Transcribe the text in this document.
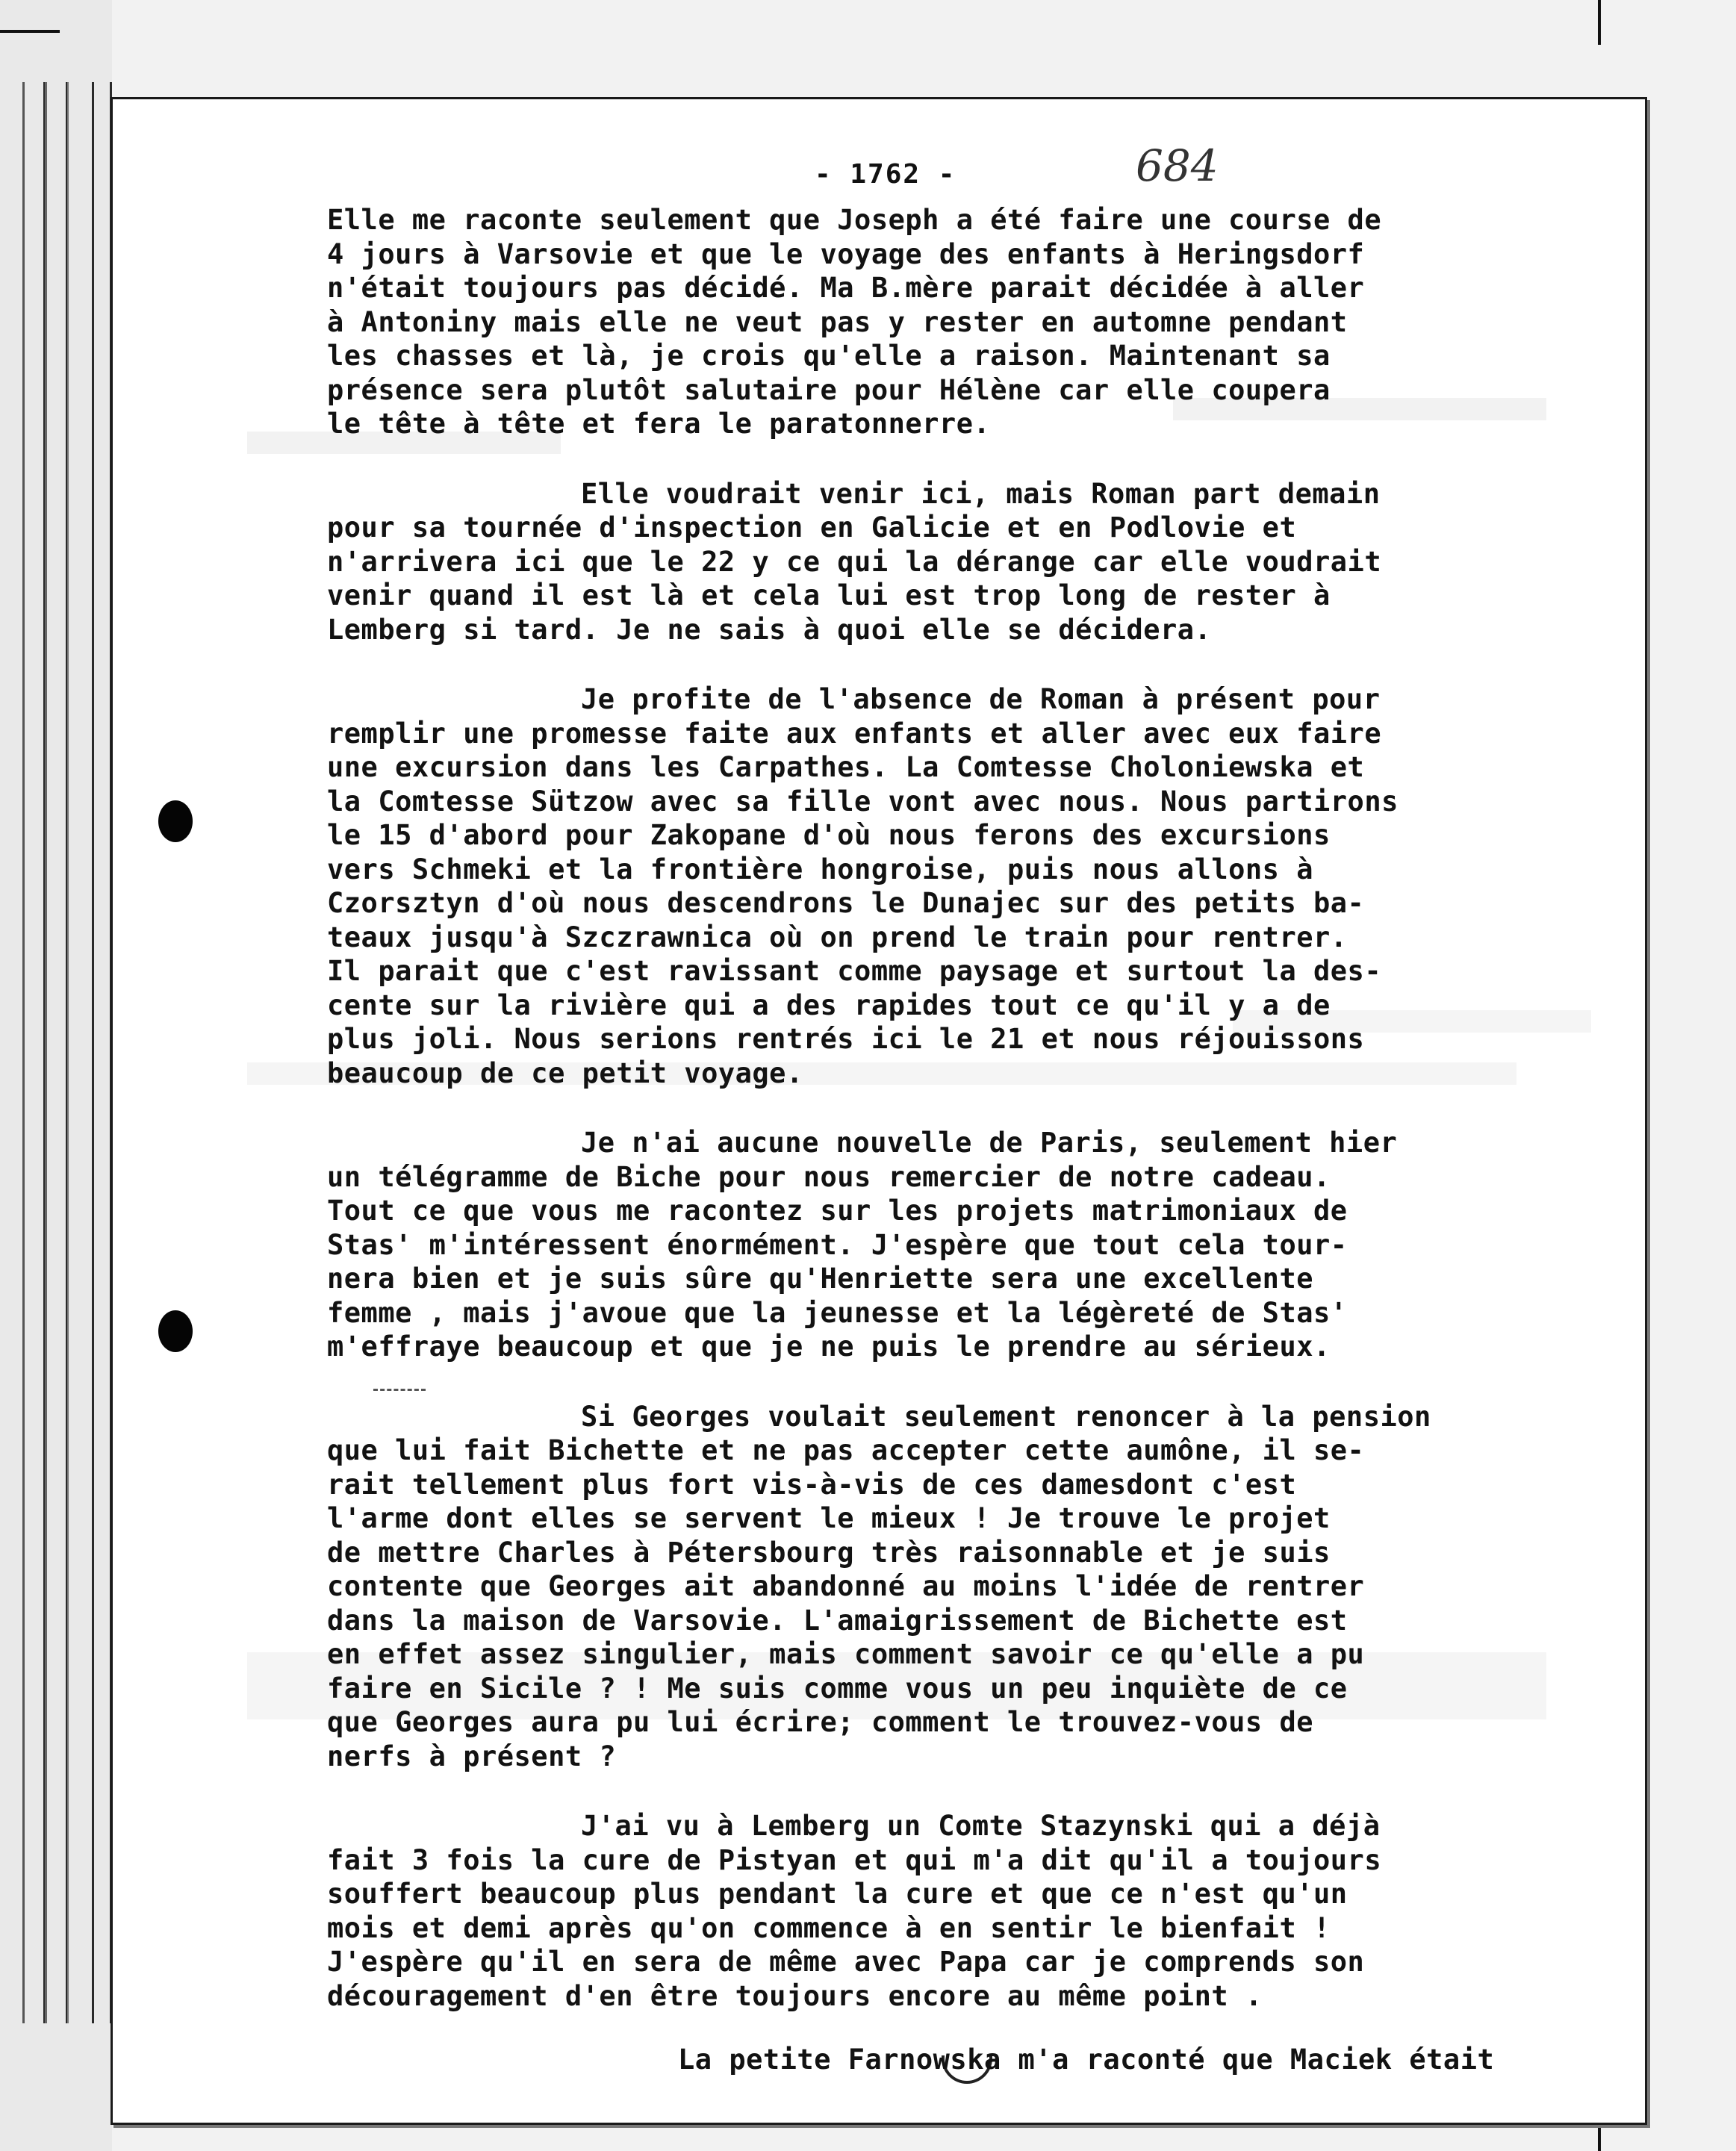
- 1762 -	684
Elle me raconte seulement que Joseph a été faire une course de
4 jours à Varsovie et que le voyage des enfants à Heringsdorf
n'était toujours pas décidé. Ma B.mère parait décidée à aller
à Antoniny mais elle ne veut pas y rester en automne pendant
les chasses et là, je crois qu'elle a raison. Maintenant sa
présence sera plutôt salutaire pour Hélène car elle coupera
le tête à tête et fera le paratonnerre.
Elle voudrait venir ici, mais Roman part demain
pour sa tournée d'inspection en Galicie et en Podlovie et
n'arrivera ici que le 22 y ce qui la dérange car elle voudrait
venir quand il est là et cela lui est trop long de rester à
Lemberg si tard. Je ne sais à quoi elle se décidera.
Je profite de l'absence de Roman à présent pour
remplir une promesse faite aux enfants et aller avec eux faire
une excursion dans les Carpathes. La Comtesse Choloniewska et
la Comtesse Sützow avec sa fille vont avec nous. Nous partirons
le 15 d'abord pour Zakopane d'où nous ferons des excursions
vers Schmeki et la frontière hongroise, puis nous allons à
Czorsztyn d'où nous descendrons le Dunajec sur des petits ba-
teaux jusqu'à Szczrawnica où on prend le train pour rentrer.
Il parait que c'est ravissant comme paysage et surtout la des-
cente sur la rivière qui a des rapides tout ce qu'il y a de
plus joli. Nous serions rentrés ici le 21 et nous réjouissons
beaucoup de ce petit voyage.
Je n'ai aucune nouvelle de Paris, seulement hier
un télégramme de Biche pour nous remercier de notre cadeau.
Tout ce que vous me racontez sur les projets matrimoniaux de
Stas' m'intéressent énormément. J'espère que tout cela tour-
nera bien et je suis sûre qu'Henriette sera une excellente
femme , mais j'avoue que la jeunesse et la légèreté de Stas'
m'effraye beaucoup et que je ne puis le prendre au sérieux.
Si Georges voulait seulement renoncer à la pension
que lui fait Bichette et ne pas accepter cette aumône, il se-
rait tellement plus fort vis-à-vis de ces damesdont c'est
l'arme dont elles se servent le mieux ! Je trouve le projet
de mettre Charles à Pétersbourg très raisonnable et je suis
contente que Georges ait abandonné au moins l'idée de rentrer
dans la maison de Varsovie. L'amaigrissement de Bichette est
en effet assez singulier, mais comment savoir ce qu'elle a pu
faire en Sicile ? ! Me suis comme vous un peu inquiète de ce
que Georges aura pu lui écrire; comment le trouvez-vous de
nerfs à présent ?
J'ai vu à Lemberg un Comte Stazynski qui a déjà
fait 3 fois la cure de Pistyan et qui m'a dit qu'il a toujours
souffert beaucoup plus pendant la cure et que ce n'est qu'un
mois et demi après qu'on commence à en sentir le bienfait !
J'espère qu'il en sera de même avec Papa car je comprends son
découragement d'en être toujours encore au même point .
La petite Farnowska m'a raconté que Maciek était
